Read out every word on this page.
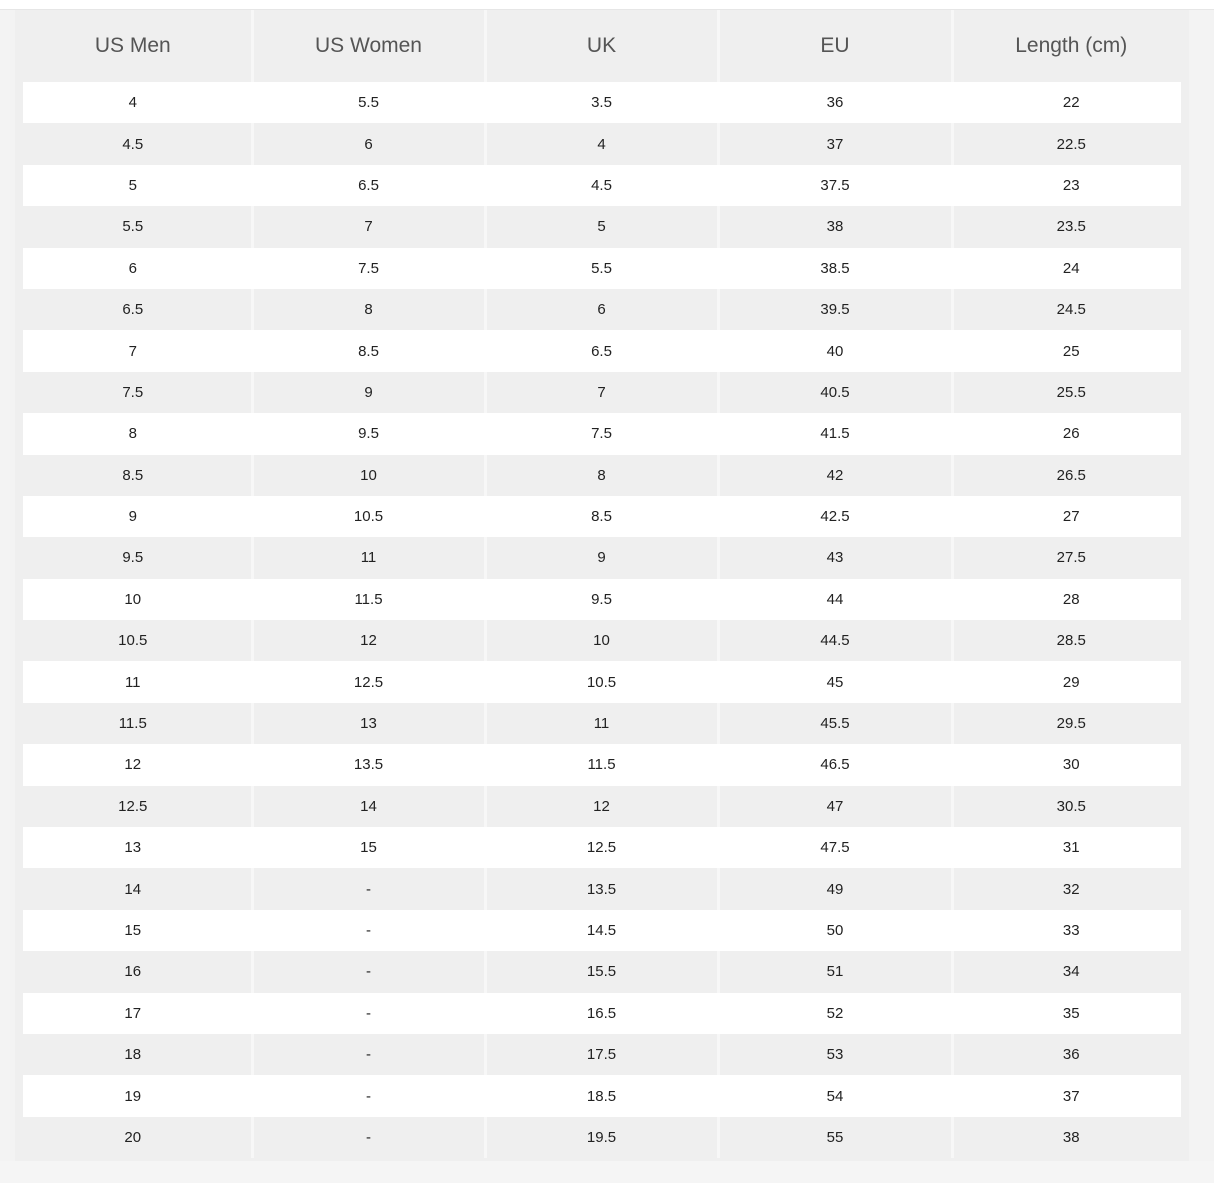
US Men	US Women	UK	EU	Length (cm)
4	5.5	3.5	36	22
4.5	6	4	37	22.5
5	6.5	4.5	37.5	23
5.5	7	5	38	23.5
6	7.5	5.5	38.5	24
6.5	8	6	39.5	24.5
7	8.5	6.5	40	25
7.5	9	7	40.5	25.5
8	9.5	7.5	41.5	26
8.5	10	8	42	26.5
9	10.5	8.5	42.5	27
9.5	11	9	43	27.5
10	11.5	9.5	44	28
10.5	12	10	44.5	28.5
11	12.5	10.5	45	29
11.5	13	11	45.5	29.5
12	13.5	11.5	46.5	30
12.5	14	12	47	30.5
13	15	12.5	47.5	31
14	-	13.5	49	32
15	-	14.5	50	33
16	-	15.5	51	34
17	-	16.5	52	35
18	-	17.5	53	36
19	-	18.5	54	37
20	-	19.5	55	38
